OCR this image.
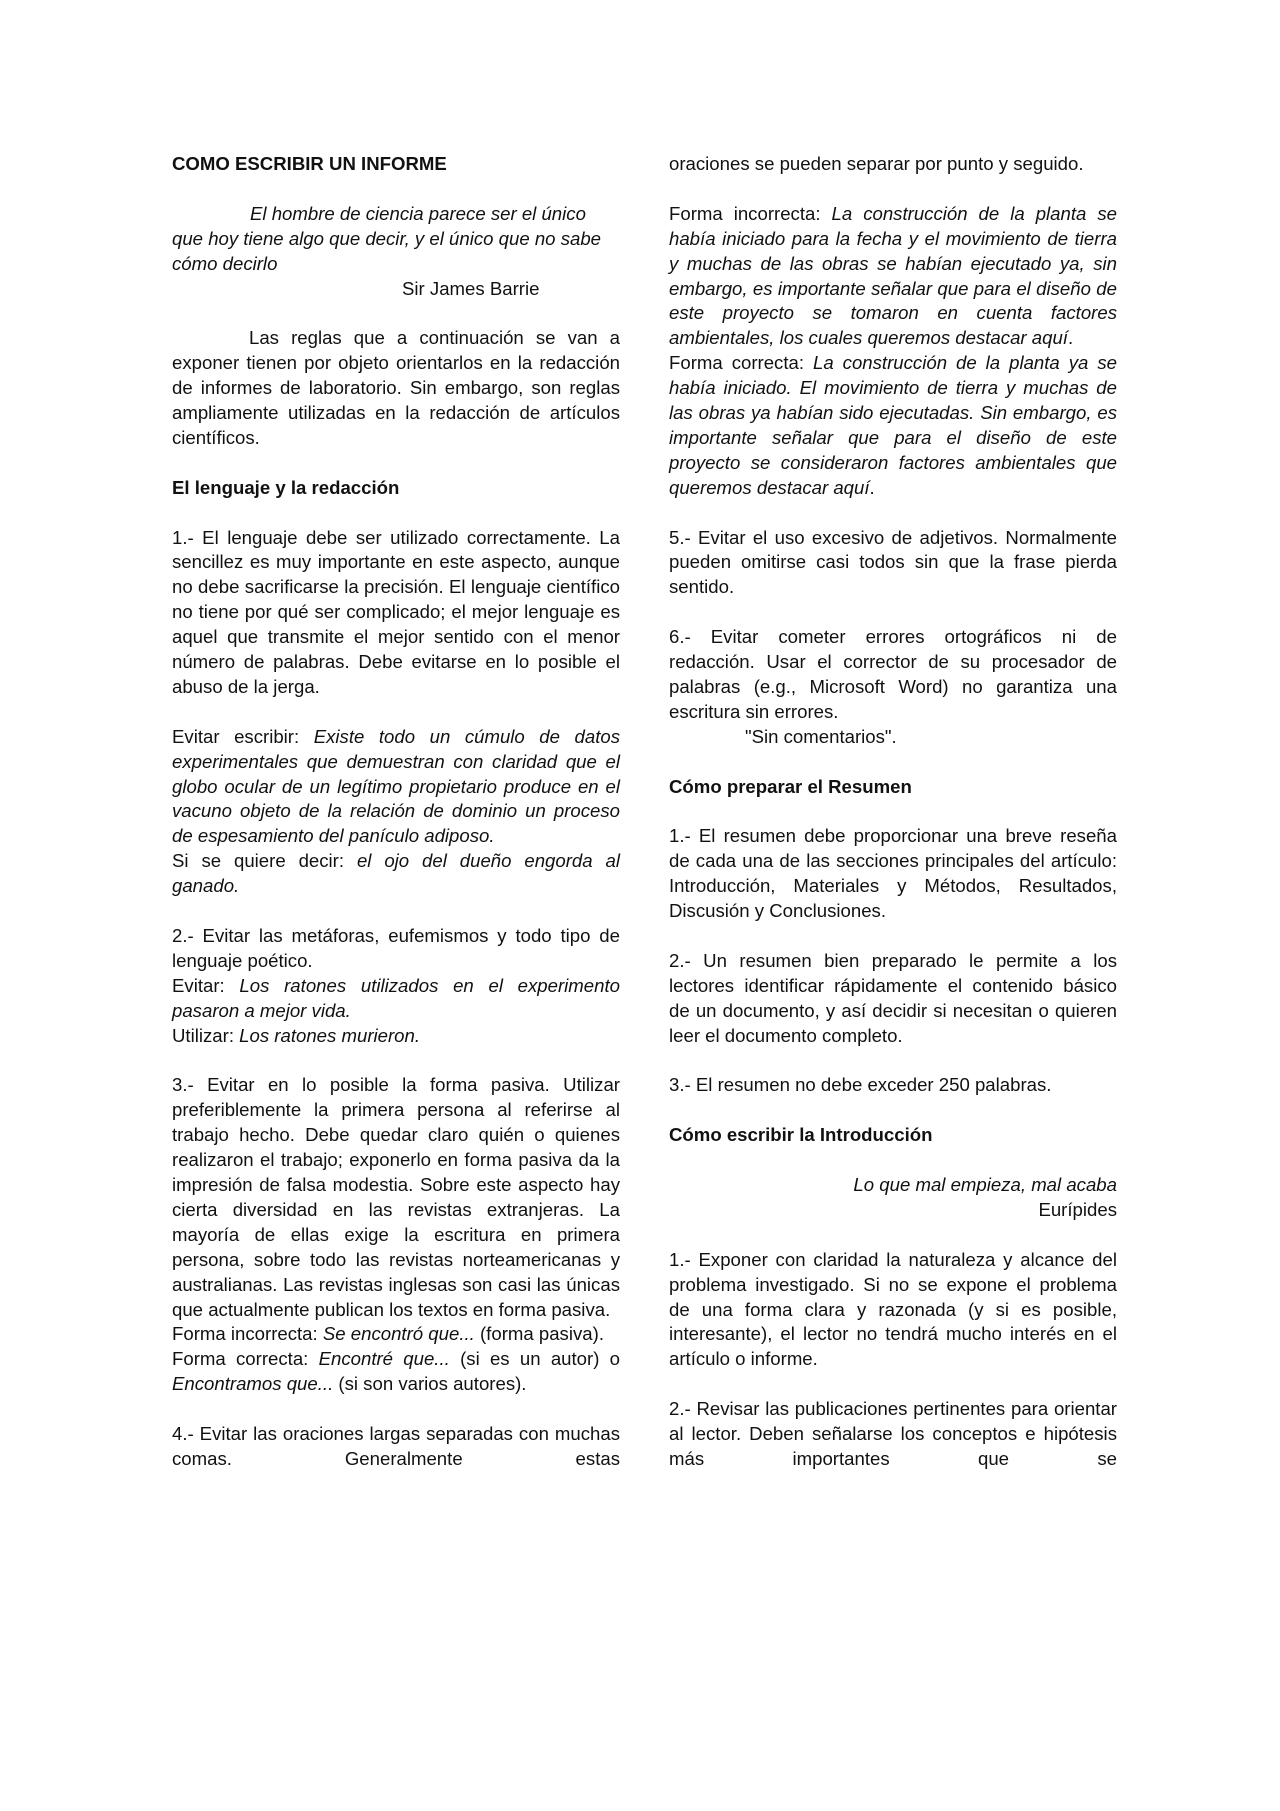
COMO ESCRIBIR UN INFORME

El hombre de ciencia parece ser el único que hoy tiene algo que decir, y el único que no sabe cómo decirlo

Sir James Barrie

Las reglas que a continuación se van a exponer tienen por objeto orientarlos en la redacción de informes de laboratorio. Sin embargo, son reglas ampliamente utilizadas en la redacción de artículos científicos.

El lenguaje y la redacción

1.- El lenguaje debe ser utilizado correctamente. La sencillez es muy importante en este aspecto, aunque no debe sacrificarse la precisión. El lenguaje científico no tiene por qué ser complicado; el mejor lenguaje es aquel que transmite el mejor sentido con el menor número de palabras. Debe evitarse en lo posible el abuso de la jerga.

Evitar escribir: Existe todo un cúmulo de datos experimentales que demuestran con claridad que el globo ocular de un legítimo propietario produce en el vacuno objeto de la relación de dominio un proceso de espesamiento del panículo adiposo.

Si se quiere decir: el ojo del dueño engorda al ganado.

2.- Evitar las metáforas, eufemismos y todo tipo de lenguaje poético.

Evitar: Los ratones utilizados en el experimento pasaron a mejor vida.

Utilizar: Los ratones murieron.

3.- Evitar en lo posible la forma pasiva. Utilizar preferiblemente la primera persona al referirse al trabajo hecho. Debe quedar claro quién o quienes realizaron el trabajo; exponerlo en forma pasiva da la impresión de falsa modestia. Sobre este aspecto hay cierta diversidad en las revistas extranjeras. La mayoría de ellas exige la escritura en primera persona, sobre todo las revistas norteamericanas y australianas. Las revistas inglesas son casi las únicas que actualmente publican los textos en forma pasiva.

Forma incorrecta: Se encontró que... (forma pasiva).

Forma correcta: Encontré que... (si es un autor) o Encontramos que... (si son varios autores).

4.- Evitar las oraciones largas separadas con muchas comas. Generalmente estas

oraciones se pueden separar por punto y seguido.

Forma incorrecta: La construcción de la planta se había iniciado para la fecha y el movimiento de tierra y muchas de las obras se habían ejecutado ya, sin embargo, es importante señalar que para el diseño de este proyecto se tomaron en cuenta factores ambientales, los cuales queremos destacar aquí.

Forma correcta: La construcción de la planta ya se había iniciado. El movimiento de tierra y muchas de las obras ya habían sido ejecutadas. Sin embargo, es importante señalar que para el diseño de este proyecto se consideraron factores ambientales que queremos destacar aquí.

5.- Evitar el uso excesivo de adjetivos. Normalmente pueden omitirse casi todos sin que la frase pierda sentido.

6.- Evitar cometer errores ortográficos ni de redacción. Usar el corrector de su procesador de palabras (e.g., Microsoft Word) no garantiza una escritura sin errores.

"Sin comentarios".

Cómo preparar el Resumen

1.- El resumen debe proporcionar una breve reseña de cada una de las secciones principales del artículo: Introducción, Materiales y Métodos, Resultados, Discusión y Conclusiones.

2.- Un resumen bien preparado le permite a los lectores identificar rápidamente el contenido básico de un documento, y así decidir si necesitan o quieren leer el documento completo.

3.- El resumen no debe exceder 250 palabras.

Cómo escribir la Introducción

Lo que mal empieza, mal acaba

Eurípides

1.- Exponer con claridad la naturaleza y alcance del problema investigado. Si no se expone el problema de una forma clara y razonada (y si es posible, interesante), el lector no tendrá mucho interés en el artículo o informe.

2.- Revisar las publicaciones pertinentes para orientar al lector. Deben señalarse los conceptos e hipótesis más importantes que se
